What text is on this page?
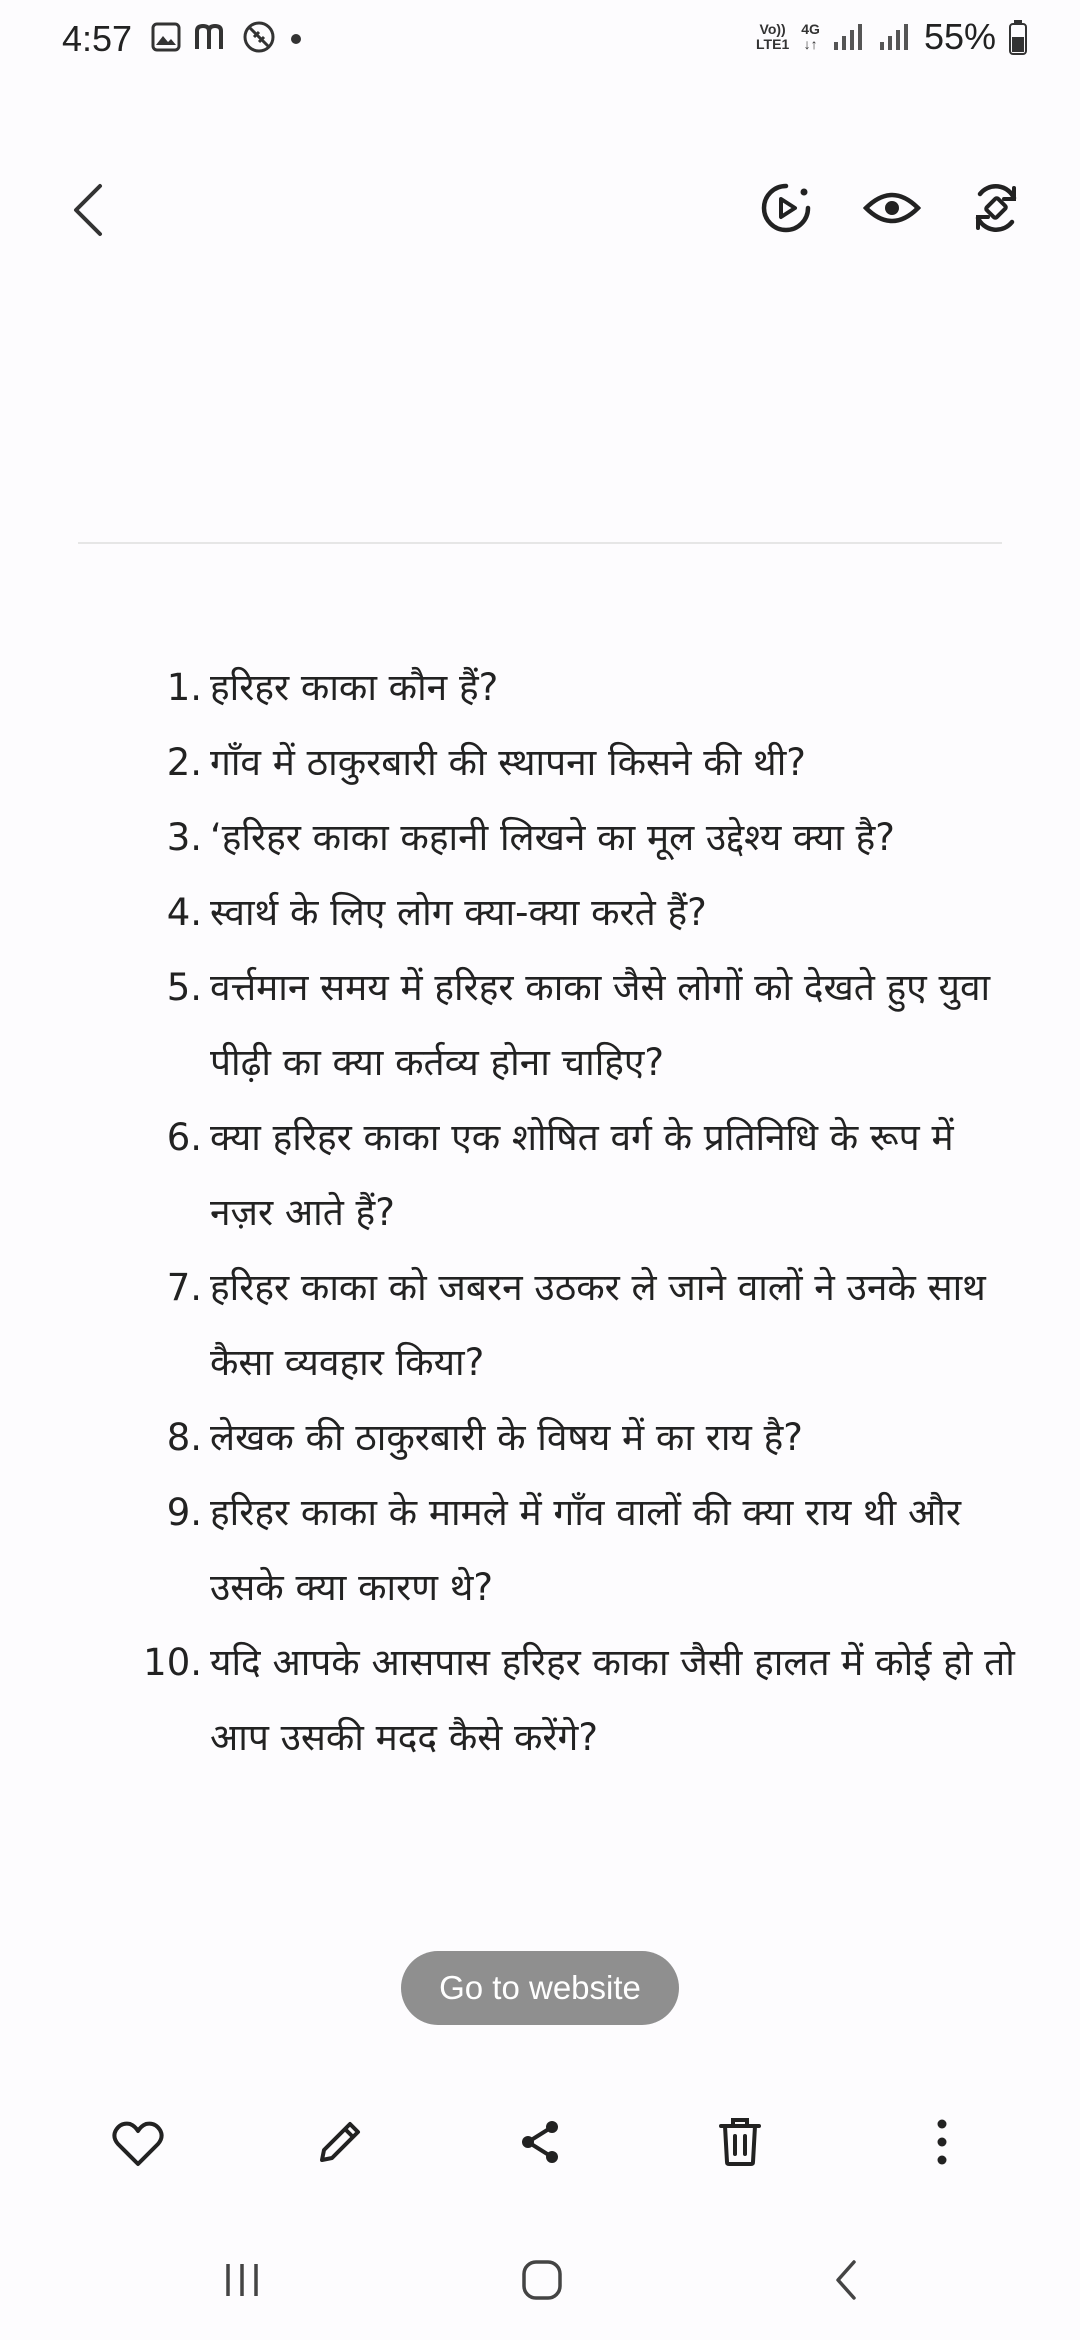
4:57	Vo))
LTE1
4G
↓↑	55%
1. हरिहर काका कौन हैं?
2. गाँव में ठाकुरबारी की स्थापना किसने की थी?
3. ‘हरिहर काका कहानी लिखने का मूल उद्देश्य क्या है?
4. स्वार्थ के लिए लोग क्या-क्या करते हैं?
5. वर्त्तमान समय में हरिहर काका जैसे लोगों को देखते हुए युवा पीढ़ी का क्या कर्तव्य होना चाहिए?
6. क्या हरिहर काका एक शोषित वर्ग के प्रतिनिधि के रूप में नज़र आते हैं?
7. हरिहर काका को जबरन उठकर ले जाने वालों ने उनके साथ कैसा व्यवहार किया?
8. लेखक की ठाकुरबारी के विषय में का राय है?
9. हरिहर काका के मामले में गाँव वालों की क्या राय थी और उसके क्या कारण थे?
10. यदि आपके आसपास हरिहर काका जैसी हालत में कोई हो तो आप उसकी मदद कैसे करेंगे?
Go to website
